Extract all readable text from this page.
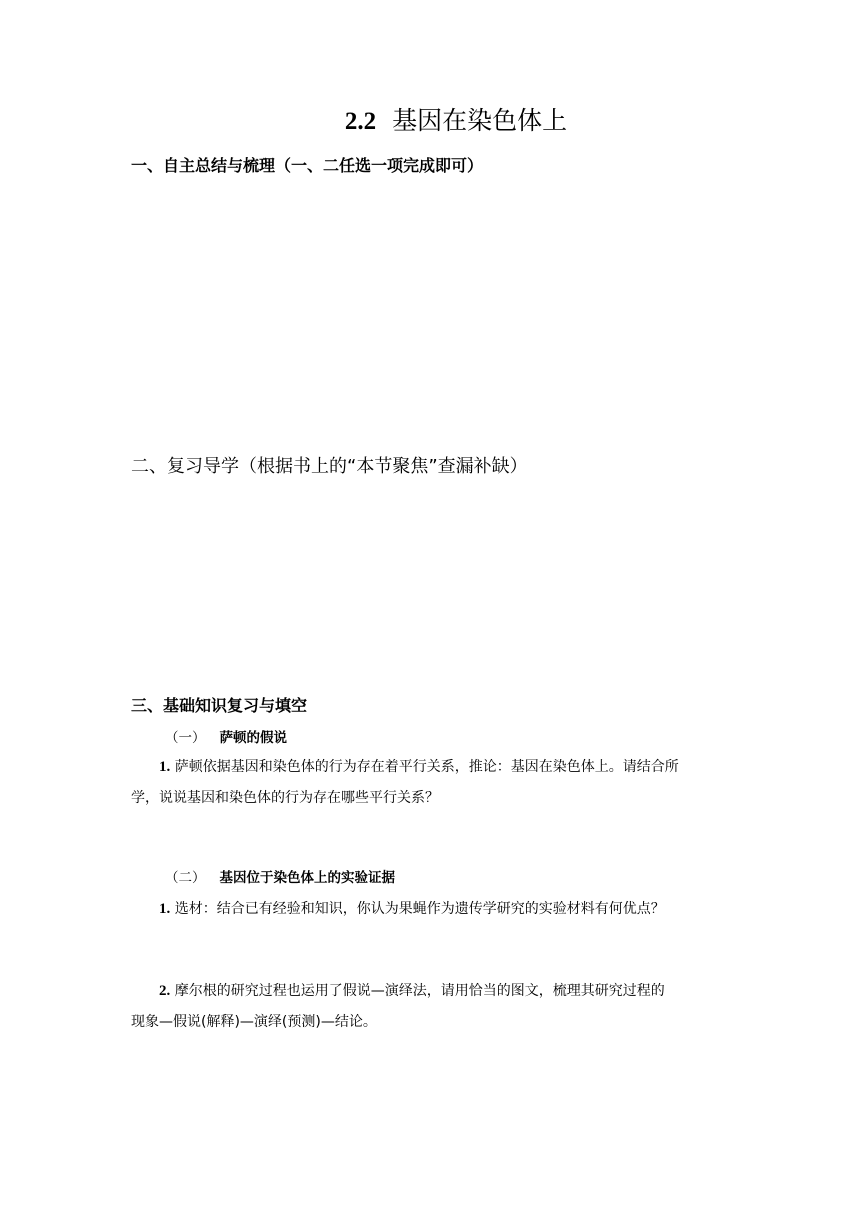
2.2 基因在染色体上
一、自主总结与梳理（一、二任选一项完成即可）
二、复习导学（根据书上的“本节聚焦”查漏补缺）
三、基础知识复习与填空
（一） 萨顿的假说
1. 萨顿依据基因和染色体的行为存在着平行关系，推论：基因在染色体上。请结合所
学，说说基因和染色体的行为存在哪些平行关系？
（二） 基因位于染色体上的实验证据
1. 选材：结合已有经验和知识，你认为果蝇作为遗传学研究的实验材料有何优点？
2. 摩尔根的研究过程也运用了假说—演绎法，请用恰当的图文，梳理其研究过程的
现象—假说(解释)—演绎(预测)—结论。
